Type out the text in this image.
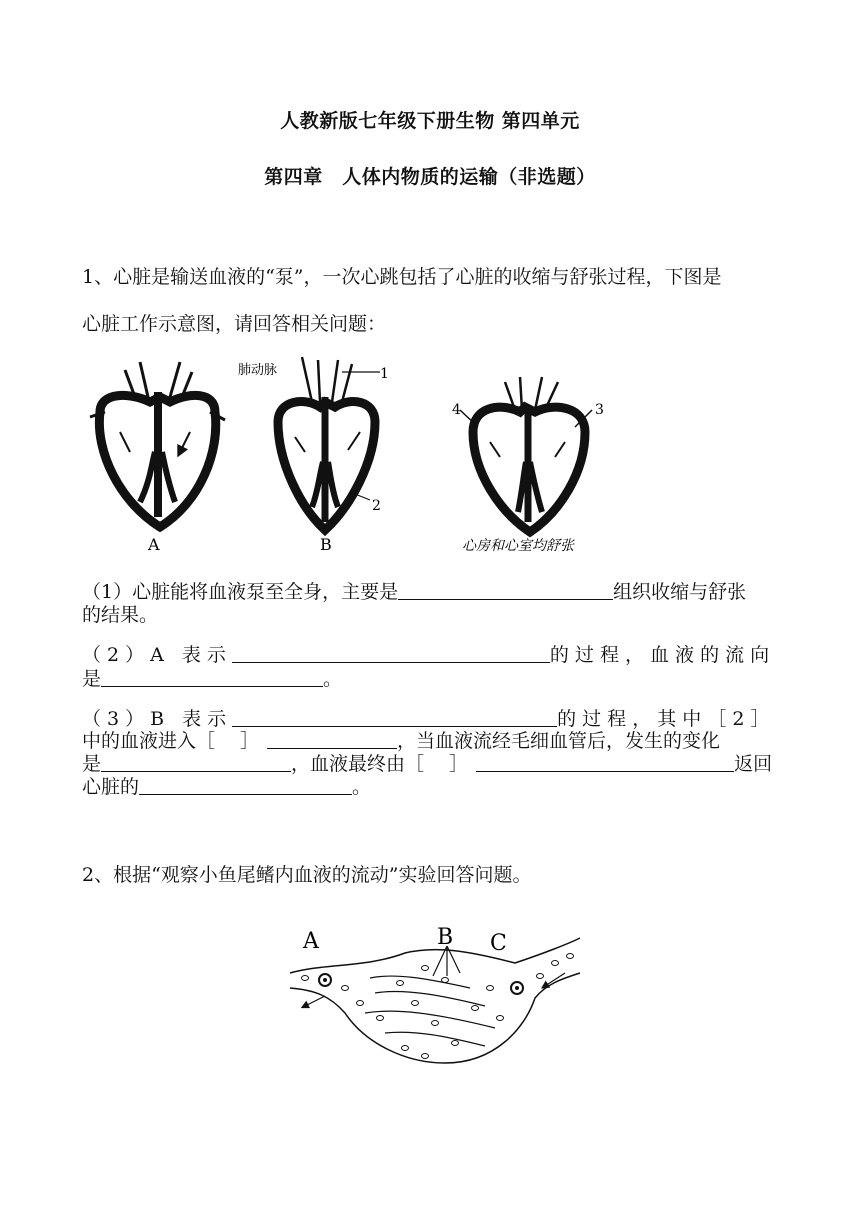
人教新版七年级下册生物 第四单元
第四章　人体内物质的运输（非选题）
1、心脏是输送血液的“泵”，一次心跳包括了心脏的收缩与舒张过程，下图是
心脏工作示意图，请回答相关问题：
A	B	心房和心室均舒张
肺动脉	1
2
3
4
（1）心脏能将血液泵至全身，主要是	组织收缩与舒张
的结果。
（2）A 表示	的 过 程 ， 血 液 的 流 向
是	。
（3）B 表示	的 过 程 ， 其 中 ［ 2 ］
中的血液进入［　 ］	，当血液流经毛细血管后，发生的变化
是	，血液最终由［　 ］	返回
心脏的	。
2、根据“观察小鱼尾鳍内血液的流动”实验回答问题。
A	B C
